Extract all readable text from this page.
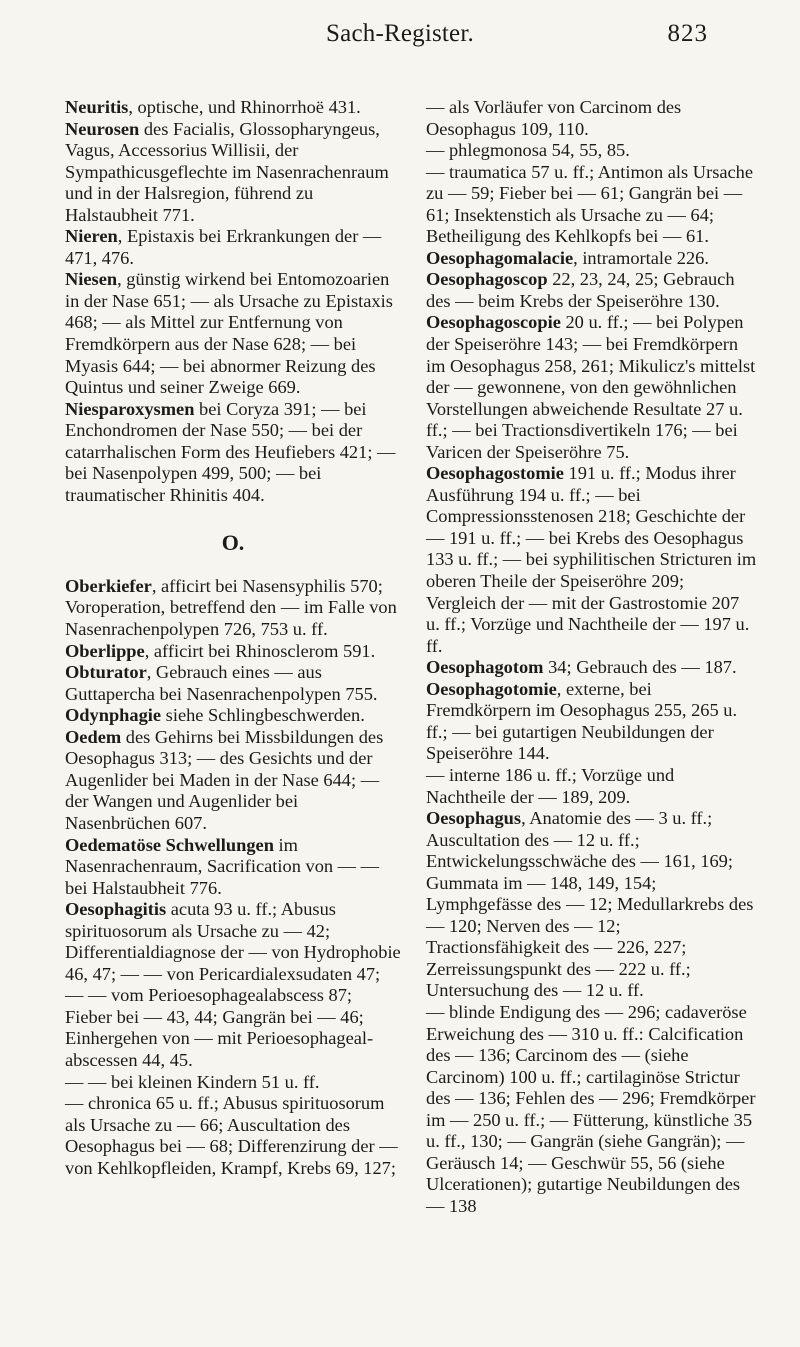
Sach-Register.	823

Neuritis, optische, und Rhinorrhoë 431.

Neurosen des Facialis, Glossopharyngeus, Vagus, Accessorius Willisii, der Sympathicusgeflechte im Nasenrachenraum und in der Halsregion, führend zu Halstaubheit 771.

Nieren, Epistaxis bei Erkrankungen der — 471, 476.

Niesen, günstig wirkend bei Entomozoarien in der Nase 651; — als Ursache zu Epistaxis 468; — als Mittel zur Entfernung von Fremdkörpern aus der Nase 628; — bei Myasis 644; — bei abnormer Reizung des Quintus und seiner Zweige 669.

Niesparoxysmen bei Coryza 391; — bei Enchondromen der Nase 550; — bei der catarrhalischen Form des Heufiebers 421; — bei Nasenpolypen 499, 500; — bei traumatischer Rhinitis 404.

O.

Oberkiefer, afficirt bei Nasensyphilis 570; Voroperation, betreffend den — im Falle von Nasenrachenpolypen 726, 753 u. ff.

Oberlippe, afficirt bei Rhinosclerom 591.

Obturator, Gebrauch eines — aus Guttapercha bei Nasenrachenpolypen 755.

Odynphagie siehe Schlingbeschwerden.

Oedem des Gehirns bei Missbildungen des Oesophagus 313; — des Gesichts und der Augenlider bei Maden in der Nase 644; — der Wangen und Augenlider bei Nasenbrüchen 607.

Oedematöse Schwellungen im Nasenrachenraum, Sacrification von — — bei Halstaubheit 776.

Oesophagitis acuta 93 u. ff.; Abusus spirituosorum als Ursache zu — 42; Differentialdiagnose der — von Hydrophobie 46, 47; — — von Pericardialexsudaten 47; — — vom Perioesophagealabscess 87; Fieber bei — 43, 44; Gangrän bei — 46; Einhergehen von — mit Perioesophageal-abscessen 44, 45.

— — bei kleinen Kindern 51 u. ff.

— chronica 65 u. ff.; Abusus spirituosorum als Ursache zu — 66; Auscultation des Oesophagus bei — 68; Differenzirung der — von Kehlkopfleiden, Krampf, Krebs 69, 127;

— als Vorläufer von Carcinom des Oesophagus 109, 110.

— phlegmonosa 54, 55, 85.

— traumatica 57 u. ff.; Antimon als Ursache zu — 59; Fieber bei — 61; Gangrän bei — 61; Insektenstich als Ursache zu — 64; Betheiligung des Kehlkopfs bei — 61.

Oesophagomalacie, intramortale 226.

Oesophagoscop 22, 23, 24, 25; Gebrauch des — beim Krebs der Speiseröhre 130.

Oesophagoscopie 20 u. ff.; — bei Polypen der Speiseröhre 143; — bei Fremdkörpern im Oesophagus 258, 261; Mikulicz's mittelst der — gewonnene, von den gewöhnlichen Vorstellungen abweichende Resultate 27 u. ff.; — bei Tractionsdivertikeln 176; — bei Varicen der Speiseröhre 75.

Oesophagostomie 191 u. ff.; Modus ihrer Ausführung 194 u. ff.; — bei Compressionsstenosen 218; Geschichte der — 191 u. ff.; — bei Krebs des Oesophagus 133 u. ff.; — bei syphilitischen Stricturen im oberen Theile der Speiseröhre 209; Vergleich der — mit der Gastrostomie 207 u. ff.; Vorzüge und Nachtheile der — 197 u. ff.

Oesophagotom 34; Gebrauch des — 187.

Oesophagotomie, externe, bei Fremdkörpern im Oesophagus 255, 265 u. ff.; — bei gutartigen Neubildungen der Speiseröhre 144.

— interne 186 u. ff.; Vorzüge und Nachtheile der — 189, 209.

Oesophagus, Anatomie des — 3 u. ff.; Auscultation des — 12 u. ff.; Entwickelungsschwäche des — 161, 169; Gummata im — 148, 149, 154; Lymphgefässe des — 12; Medullarkrebs des — 120; Nerven des — 12; Tractionsfähigkeit des — 226, 227; Zerreissungspunkt des — 222 u. ff.; Untersuchung des — 12 u. ff.

— blinde Endigung des — 296; cadaveröse Erweichung des — 310 u. ff.: Calcification des — 136; Carcinom des — (siehe Carcinom) 100 u. ff.; cartilaginöse Strictur des — 136; Fehlen des — 296; Fremdkörper im — 250 u. ff.; — Fütterung, künstliche 35 u. ff., 130; — Gangrän (siehe Gangrän); — Geräusch 14; — Geschwür 55, 56 (siehe Ulcerationen); gutartige Neubildungen des — 138
